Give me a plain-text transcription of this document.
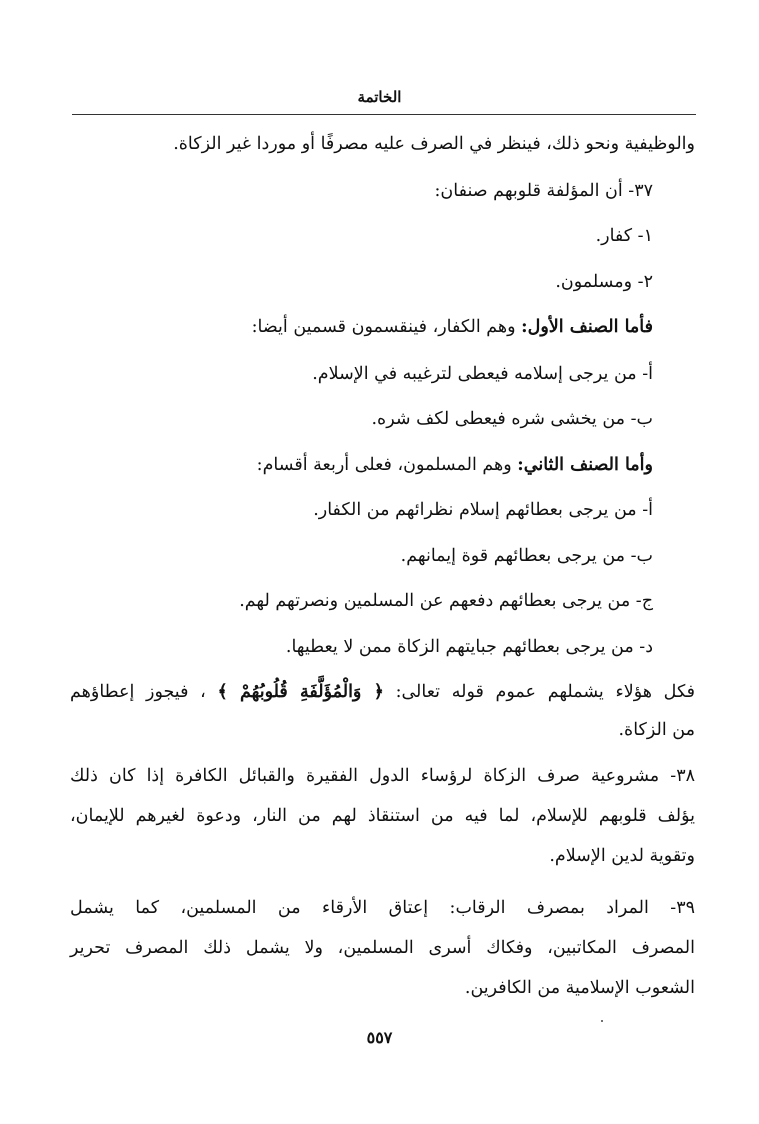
الخاتمة
والوظيفية ونحو ذلك، فينظر في الصرف عليه مصرفًا أو موردا غير الزكاة.
٣٧- أن المؤلفة قلوبهم صنفان:
١- كفار.
٢- ومسلمون.
فأما الصنف الأول: وهم الكفار، فينقسمون قسمين أيضا:
أ- من يرجى إسلامه فيعطى لترغيبه في الإسلام.
ب- من يخشى شره فيعطى لكف شره.
وأما الصنف الثاني: وهم المسلمون، فعلى أربعة أقسام:
أ- من يرجى بعطائهم إسلام نظرائهم من الكفار.
ب- من يرجى بعطائهم قوة إيمانهم.
ج- من يرجى بعطائهم دفعهم عن المسلمين ونصرتهم لهم.
د- من يرجى بعطائهم جبايتهم الزكاة ممن لا يعطيها.
فكل هؤلاء يشملهم عموم قوله تعالى: ﴿ وَالْمُؤَلَّفَةِ قُلُوبُهُمْ ﴾ ، فيجوز إعطاؤهم
من الزكاة.
٣٨- مشروعية صرف الزكاة لرؤساء الدول الفقيرة والقبائل الكافرة إذا كان ذلك
يؤلف قلوبهم للإسلام، لما فيه من استنقاذ لهم من النار، ودعوة لغيرهم للإيمان،
وتقوية لدين الإسلام.
٣٩- المراد بمصرف الرقاب: إعتاق الأرقاء من المسلمين، كما يشمل
المصرف المكاتبين، وفكاك أسرى المسلمين، ولا يشمل ذلك المصرف تحرير
الشعوب الإسلامية من الكافرين.
٥٥٧
